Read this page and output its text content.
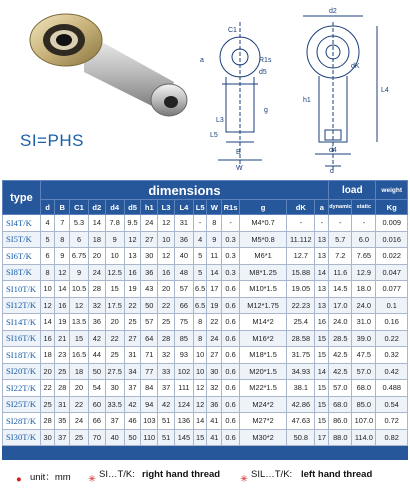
SI=PHS
C1
R1s
d5
L3
L5
B
W
a
g
d2
L4
h1
d4
d
dK
type	dimensions															load		weight
	d	B	C1	d2	d4	d5	h1	L3	L4	L5	W	R1s	g	dK	a	dynamic	static	Kg
SI4T/K	4	7	5.3	14	7.8	9.5	24	12	31	-	8	-	M4*0.7	-	-	-	-	0.009
SI5T/K	5	8	6	18	9	12	27	10	36	4	9	0.3	M5*0.8	11.112	13	5.7	6.0	0.016
SI6T/K	6	9	6.75	20	10	13	30	12	40	5	11	0.3	M6*1	12.7	13	7.2	7.65	0.022
SI8T/K	8	12	9	24	12.5	16	36	16	48	5	14	0.3	M8*1.25	15.88	14	11.6	12.9	0.047
SI10T/K	10	14	10.5	28	15	19	43	20	57	6.5	17	0.6	M10*1.5	19.05	13	14.5	18.0	0.077
SI12T/K	12	16	12	32	17.5	22	50	22	66	6.5	19	0.6	M12*1.75	22.23	13	17.0	24.0	0.1
SI14T/K	14	19	13.5	36	20	25	57	25	75	8	22	0.6	M14*2	25.4	16	24.0	31.0	0.16
SI16T/K	16	21	15	42	22	27	64	28	85	8	24	0.6	M16*2	28.58	15	28.5	39.0	0.22
SI18T/K	18	23	16.5	44	25	31	71	32	93	10	27	0.6	M18*1.5	31.75	15	42.5	47.5	0.32
SI20T/K	20	25	18	50	27.5	34	77	33	102	10	30	0.6	M20*1.5	34.93	14	42.5	57.0	0.42
SI22T/K	22	28	20	54	30	37	84	37	111	12	32	0.6	M22*1.5	38.1	15	57.0	68.0	0.488
SI25T/K	25	31	22	60	33.5	42	94	42	124	12	36	0.6	M24*2	42.86	15	68.0	85.0	0.54
SI28T/K	28	35	24	66	37	46	103	51	136	14	41	0.6	M27*2	47.63	15	86.0	107.0	0.72
SI30T/K	30	37	25	70	40	50	110	51	145	15	41	0.6	M30*2	50.8	17	88.0	114.0	0.82
● unit：mm ✳ SI…T/K: right hand thread ✳ SIL…T/K: left hand thread
